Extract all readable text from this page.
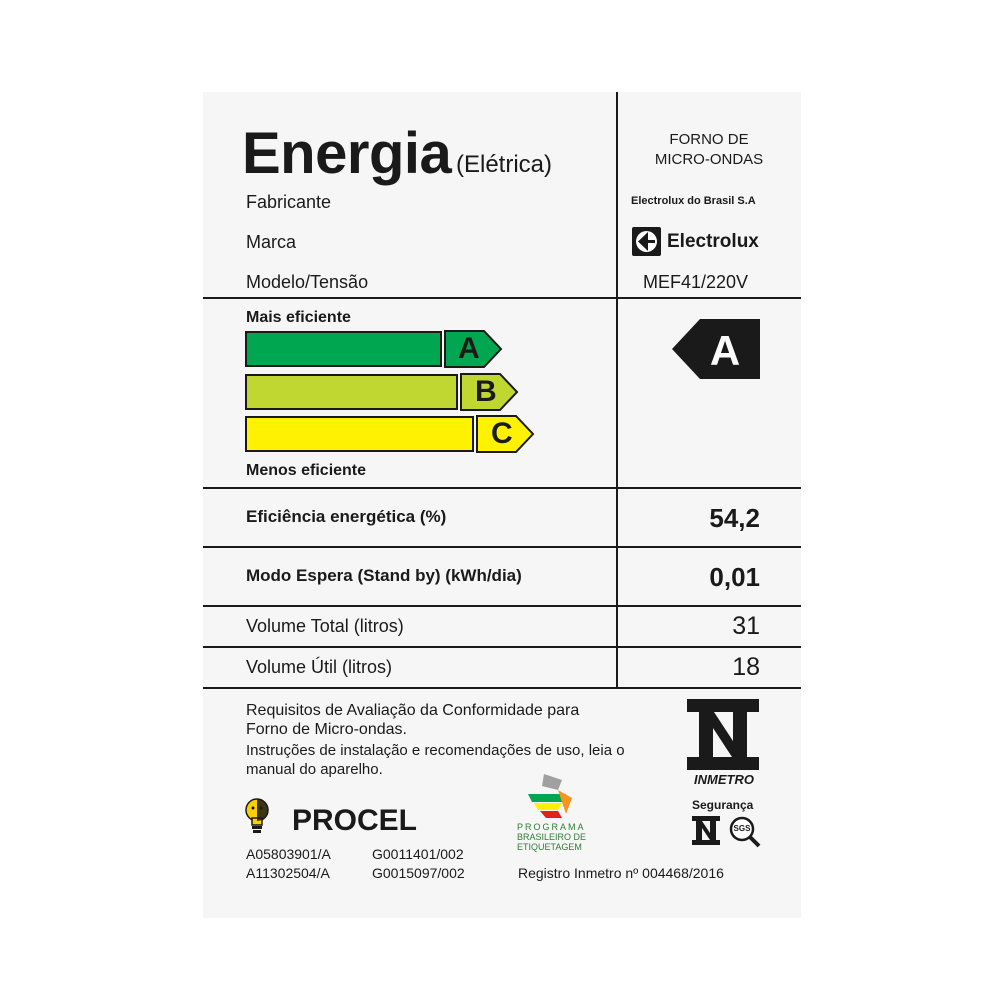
Energia (Elétrica)
FORNO DE
MICRO-ONDAS
Fabricante	Electrolux do Brasil S.A
Marca	Electrolux
Modelo/Tensão	MEF41/220V
Mais eficiente
A
B
C
Menos eficiente
A
Eficiência energética (%)	54,2
Modo Espera (Stand by) (kWh/dia)	0,01
Volume Total (litros)	31
Volume Útil (litros)	18
Requisitos de Avaliação da Conformidade para
Forno de Micro-ondas.
Instruções de instalação e recomendações de uso, leia o
manual do aparelho.
INMETRO
Segurança
SGS
PROCEL	PROGRAMA
BRASILEIRO DE
ETIQUETAGEM
A05803901/A	G0011401/002
A11302504/A	G0015097/002	Registro Inmetro nº 004468/2016
